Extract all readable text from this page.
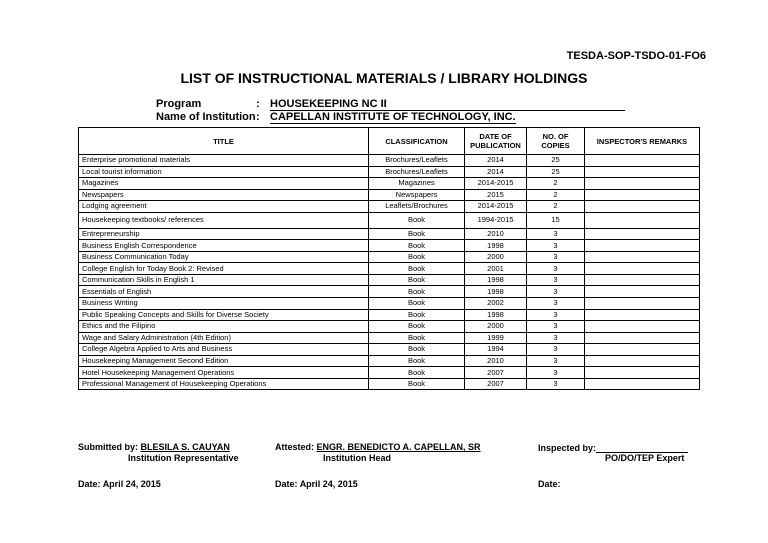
TESDA-SOP-TSDO-01-FO6
LIST OF INSTRUCTIONAL MATERIALS / LIBRARY HOLDINGS
Program	: HOUSEKEEPING NC II
Name of Institution: CAPELLAN INSTITUTE OF TECHNOLOGY, INC.
TITLE	CLASSIFICATION	DATE OF PUBLICATION	NO. OF COPIES	INSPECTOR'S REMARKS
Enterprise promotional materials	Brochures/Leaflets	2014	25	
Local tourist information	Brochures/Leaflets	2014	25	
Magazines	Magazines	2014-2015	2	
Newspapers	Newspapers	2015	2	
Lodging agreement	Leaflets/Brochures	2014-2015	2	
Housekeeping textbooks/ references	Book	1994-2015	15	
Entrepreneurship	Book	2010	3	
Business English Correspondence	Book	1998	3	
Business Communication Today	Book	2000	3	
College English for Today Book 2: Revised	Book	2001	3	
Communication Skills in English 1	Book	1998	3	
Essentials of English	Book	1998	3	
Business Writing	Book	2002	3	
Public Speaking Concepts and Skills for Diverse Society	Book	1998	3	
Ethics and the Filipino	Book	2000	3	
Wage and Salary Administration (4th Edition)	Book	1999	3	
College Algebra Applied to Arts and Business	Book	1994	3	
Housekeeping Management Second Edition	Book	2010	3	
Hotel Housekeeping Management Operations	Book	2007	3	
Professional Management of Housekeeping Operations	Book	2007	3	
Submitted by: BLESILA S. CAUYAN
Institution Representative
Attested: ENGR. BENEDICTO A. CAPELLAN, SR
Institution Head
Inspected by:
PO/DO/TEP Expert
Date: April 24, 2015	Date: April 24, 2015	Date:
